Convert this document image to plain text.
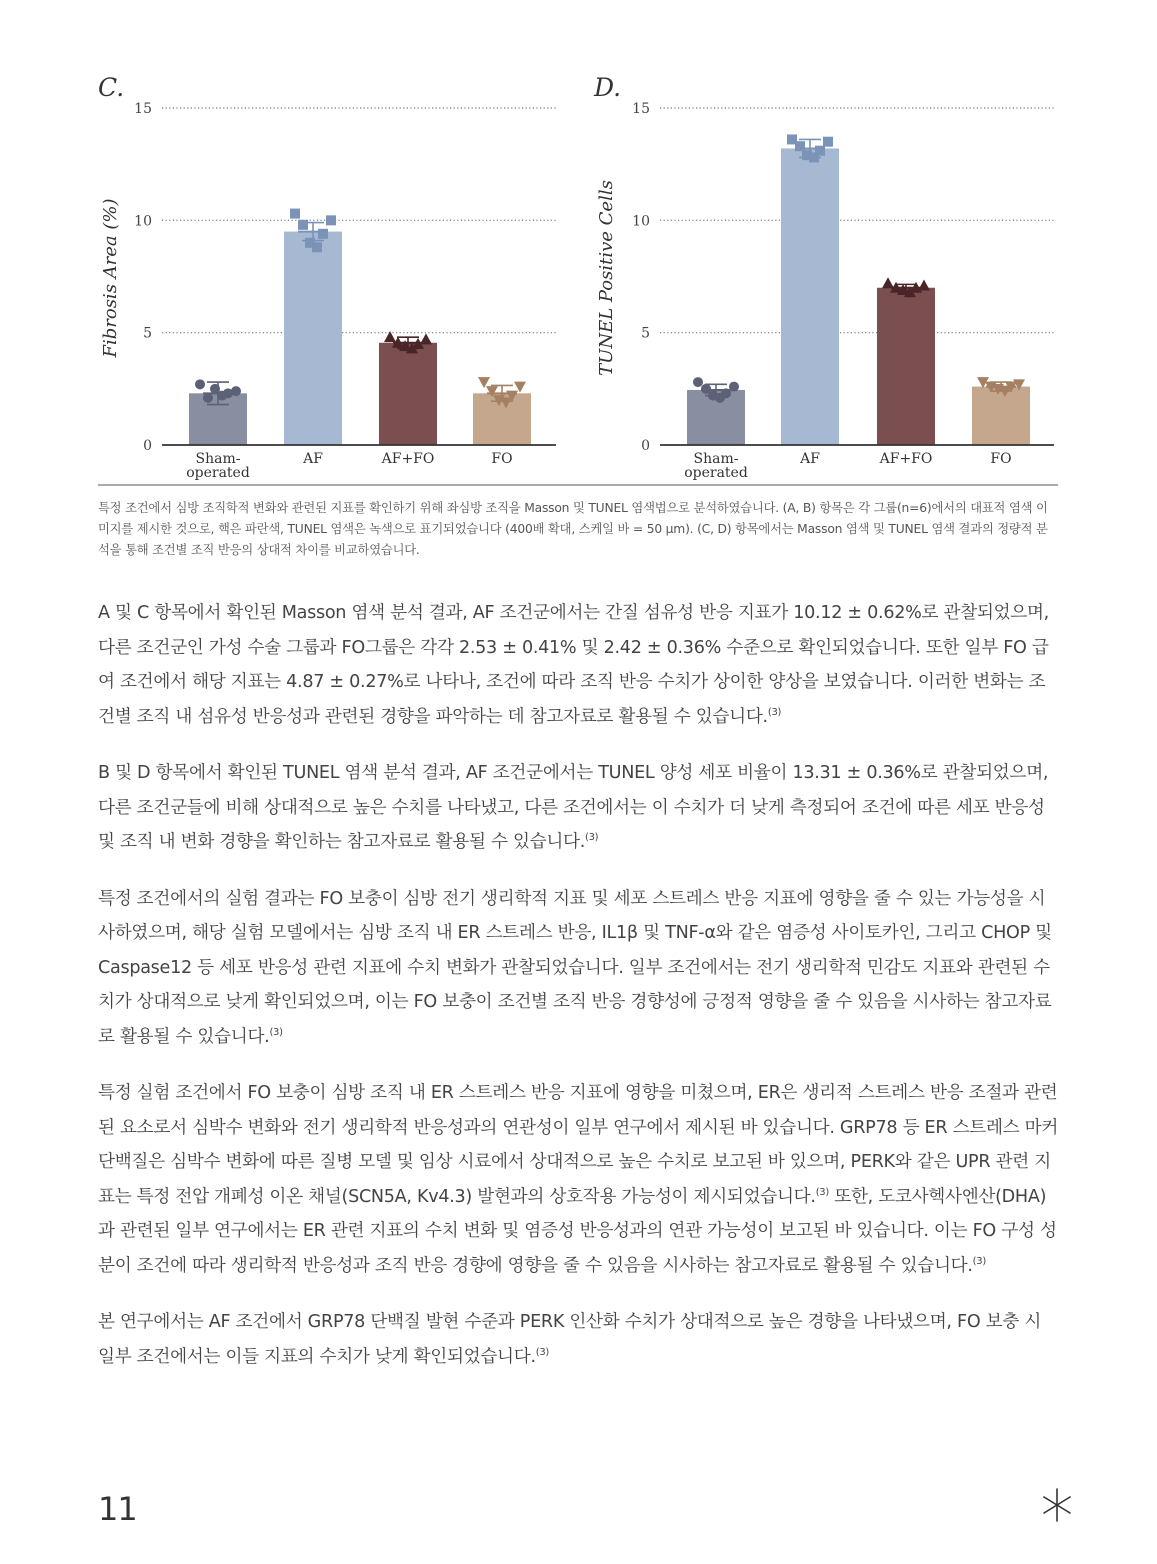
C.
0
5
10
15
Fibrosis Area (%)
Sham-
operated
AF	AF+FO	FO
D.
0
5
10
15
TUNEL Positive Cells
Sham-
operated
AF	AF+FO	FO
특정 조건에서 심방 조직학적 변화와 관련된 지표를 확인하기 위해 좌심방 조직을 Masson 및 TUNEL 염색법으로 분석하였습니다. (A, B) 항목은 각 그룹(n=6)에서의 대표적 염색 이미지를 제시한 것으로, 핵은 파란색, TUNEL 염색은 녹색으로 표기되었습니다 (400배 확대, 스케일 바 = 50 μm). (C, D) 항목에서는 Masson 염색 및 TUNEL 염색 결과의 정량적 분석을 통해 조건별 조직 반응의 상대적 차이를 비교하였습니다.

A 및 C 항목에서 확인된 Masson 염색 분석 결과, AF 조건군에서는 간질 섬유성 반응 지표가 10.12 ± 0.62%로 관찰되었으며, 다른 조건군인 가성 수술 그룹과 FO그룹은 각각 2.53 ± 0.41% 및 2.42 ± 0.36% 수준으로 확인되었습니다. 또한 일부 FO 급여 조건에서 해당 지표는 4.87 ± 0.27%로 나타나, 조건에 따라 조직 반응 수치가 상이한 양상을 보였습니다. 이러한 변화는 조건별 조직 내 섬유성 반응성과 관련된 경향을 파악하는 데 참고자료로 활용될 수 있습니다.$^{(3)}$

B 및 D 항목에서 확인된 TUNEL 염색 분석 결과, AF 조건군에서는 TUNEL 양성 세포 비율이 13.31 ± 0.36%로 관찰되었으며, 다른 조건군들에 비해 상대적으로 높은 수치를 나타냈고, 다른 조건에서는 이 수치가 더 낮게 측정되어 조건에 따른 세포 반응성 및 조직 내 변화 경향을 확인하는 참고자료로 활용될 수 있습니다.$^{(3)}$

특정 조건에서의 실험 결과는 FO 보충이 심방 전기 생리학적 지표 및 세포 스트레스 반응 지표에 영향을 줄 수 있는 가능성을 시사하였으며, 해당 실험 모델에서는 심방 조직 내 ER 스트레스 반응, IL1β 및 TNF-α와 같은 염증성 사이토카인, 그리고 CHOP 및 Caspase12 등 세포 반응성 관련 지표에 수치 변화가 관찰되었습니다. 일부 조건에서는 전기 생리학적 민감도 지표와 관련된 수치가 상대적으로 낮게 확인되었으며, 이는 FO 보충이 조건별 조직 반응 경향성에 긍정적 영향을 줄 수 있음을 시사하는 참고자료로 활용될 수 있습니다.$^{(3)}$

특정 실험 조건에서 FO 보충이 심방 조직 내 ER 스트레스 반응 지표에 영향을 미쳤으며, ER은 생리적 스트레스 반응 조절과 관련된 요소로서 심박수 변화와 전기 생리학적 반응성과의 연관성이 일부 연구에서 제시된 바 있습니다. GRP78 등 ER 스트레스 마커 단백질은 심박수 변화에 따른 질병 모델 및 임상 시료에서 상대적으로 높은 수치로 보고된 바 있으며, PERK와 같은 UPR 관련 지표는 특정 전압 개폐성 이온 채널(SCN5A, Kv4.3) 발현과의 상호작용 가능성이 제시되었습니다.$^{(3)}$ 또한, 도코사헥사엔산(DHA)과 관련된 일부 연구에서는 ER 관련 지표의 수치 변화 및 염증성 반응성과의 연관 가능성이 보고된 바 있습니다. 이는 FO 구성 성분이 조건에 따라 생리학적 반응성과 조직 반응 경향에 영향을 줄 수 있음을 시사하는 참고자료로 활용될 수 있습니다.$^{(3)}$

본 연구에서는 AF 조건에서 GRP78 단백질 발현 수준과 PERK 인산화 수치가 상대적으로 높은 경향을 나타냈으며, FO 보충 시 일부 조건에서는 이들 지표의 수치가 낮게 확인되었습니다.$^{(3)}$

11
